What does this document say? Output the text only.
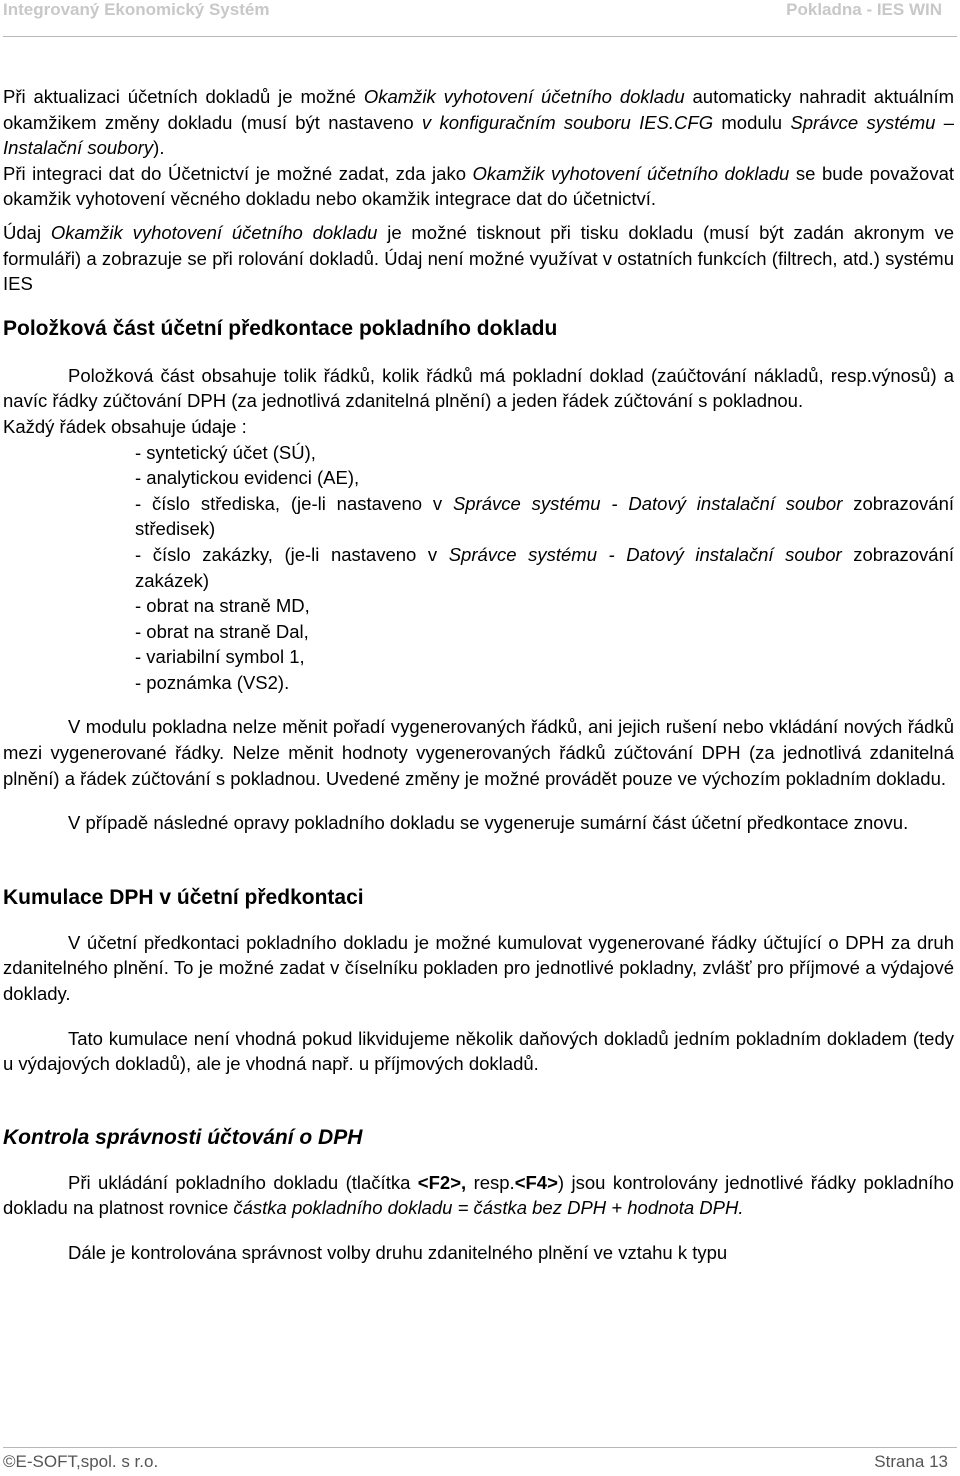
Integrovaný Ekonomický Systém	Pokladna - IES WIN

Při aktualizaci účetních dokladů je možné Okamžik vyhotovení účetního dokladu automaticky nahradit aktuálním okamžikem změny dokladu (musí být nastaveno v konfiguračním souboru IES.CFG modulu Správce systému – Instalační soubory).

Při integraci dat do Účetnictví je možné zadat, zda jako Okamžik vyhotovení účetního dokladu se bude považovat okamžik vyhotovení věcného dokladu nebo okamžik integrace dat do účetnictví.

Údaj Okamžik vyhotovení účetního dokladu je možné tisknout při tisku dokladu (musí být zadán akronym ve formuláři) a zobrazuje se při rolování dokladů. Údaj není možné využívat v ostatních funkcích (filtrech, atd.) systému IES

Položková část účetní předkontace pokladního dokladu

Položková část obsahuje tolik řádků, kolik řádků má pokladní doklad (zaúčtování nákladů, resp.výnosů) a navíc řádky zúčtování DPH (za jednotlivá zdanitelná plnění) a jeden řádek zúčtování s pokladnou.

Každý řádek obsahuje údaje :

- syntetický účet (SÚ),
- analytickou evidenci (AE),
- číslo střediska, (je-li nastaveno v Správce systému - Datový instalační soubor zobrazování středisek)
- číslo zakázky, (je-li nastaveno v Správce systému - Datový instalační soubor zobrazování zakázek)
- obrat na straně MD,
- obrat na straně Dal,
- variabilní symbol 1,
- poznámka (VS2).

V modulu pokladna nelze měnit pořadí vygenerovaných řádků, ani jejich rušení nebo vkládání nových řádků mezi vygenerované řádky. Nelze měnit hodnoty vygenerovaných řádků zúčtování DPH (za jednotlivá zdanitelná plnění) a řádek zúčtování s pokladnou. Uvedené změny je možné provádět pouze ve výchozím pokladním dokladu.

V případě následné opravy pokladního dokladu se vygeneruje sumární část účetní předkontace znovu.

Kumulace DPH v účetní předkontaci

V účetní předkontaci pokladního dokladu je možné kumulovat vygenerované řádky účtující o DPH za druh zdanitelného plnění. To je možné zadat v číselníku pokladen pro jednotlivé pokladny, zvlášť pro příjmové a výdajové doklady.

Tato kumulace není vhodná pokud likvidujeme několik daňových dokladů jedním pokladním dokladem (tedy u výdajových dokladů), ale je vhodná např. u příjmových dokladů.

Kontrola správnosti účtování o DPH

Při ukládání pokladního dokladu (tlačítka <F2>, resp.<F4>) jsou kontrolovány jednotlivé řádky pokladního dokladu na platnost rovnice částka pokladního dokladu = částka bez DPH + hodnota DPH.

Dále je kontrolována správnost volby druhu zdanitelného plnění ve vztahu k typu

©E-SOFT,spol. s r.o.	Strana 13
